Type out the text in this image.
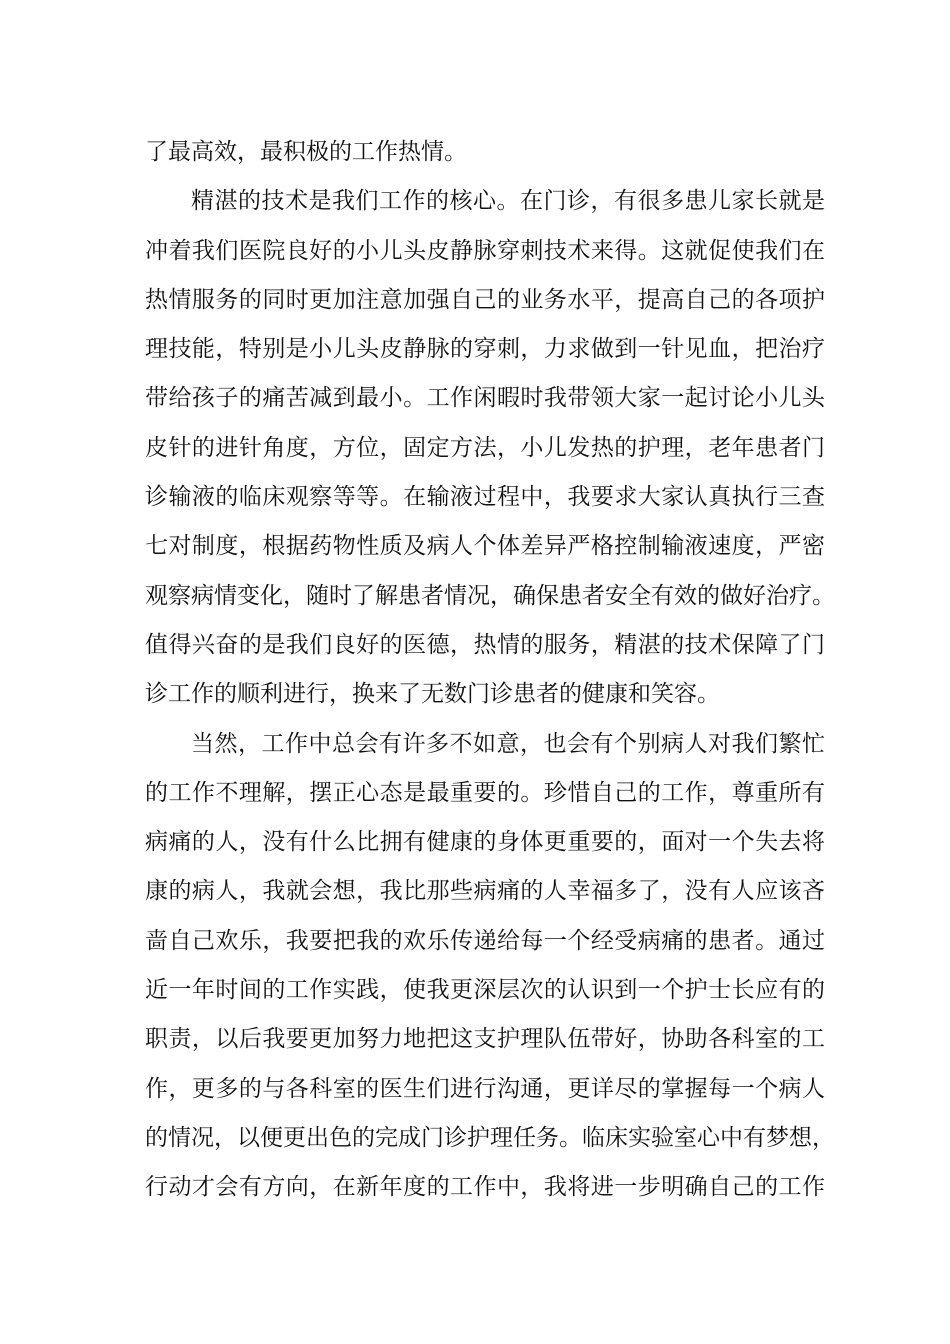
了最高效，最积极的工作热情。
精湛的技术是我们工作的核心。在门诊，有很多患儿家长就是
冲着我们医院良好的小儿头皮静脉穿刺技术来得。这就促使我们在
热情服务的同时更加注意加强自己的业务水平，提高自己的各项护
理技能，特别是小儿头皮静脉的穿刺，力求做到一针见血，把治疗
带给孩子的痛苦减到最小。工作闲暇时我带领大家一起讨论小儿头
皮针的进针角度，方位，固定方法，小儿发热的护理，老年患者门
诊输液的临床观察等等。在输液过程中，我要求大家认真执行三查
七对制度，根据药物性质及病人个体差异严格控制输液速度，严密
观察病情变化，随时了解患者情况，确保患者安全有效的做好治疗。
值得兴奋的是我们良好的医德，热情的服务，精湛的技术保障了门
诊工作的顺利进行，换来了无数门诊患者的健康和笑容。
当然，工作中总会有许多不如意，也会有个别病人对我们繁忙
的工作不理解，摆正心态是最重要的。珍惜自己的工作，尊重所有
病痛的人，没有什么比拥有健康的身体更重要的，面对一个失去将
康的病人，我就会想，我比那些病痛的人幸福多了，没有人应该吝
啬自己欢乐，我要把我的欢乐传递给每一个经受病痛的患者。通过
近一年时间的工作实践，使我更深层次的认识到一个护士长应有的
职责，以后我要更加努力地把这支护理队伍带好，协助各科室的工
作，更多的与各科室的医生们进行沟通，更详尽的掌握每一个病人
的情况，以便更出色的完成门诊护理任务。临床实验室心中有梦想，
行动才会有方向，在新年度的工作中，我将进一步明确自己的工作
